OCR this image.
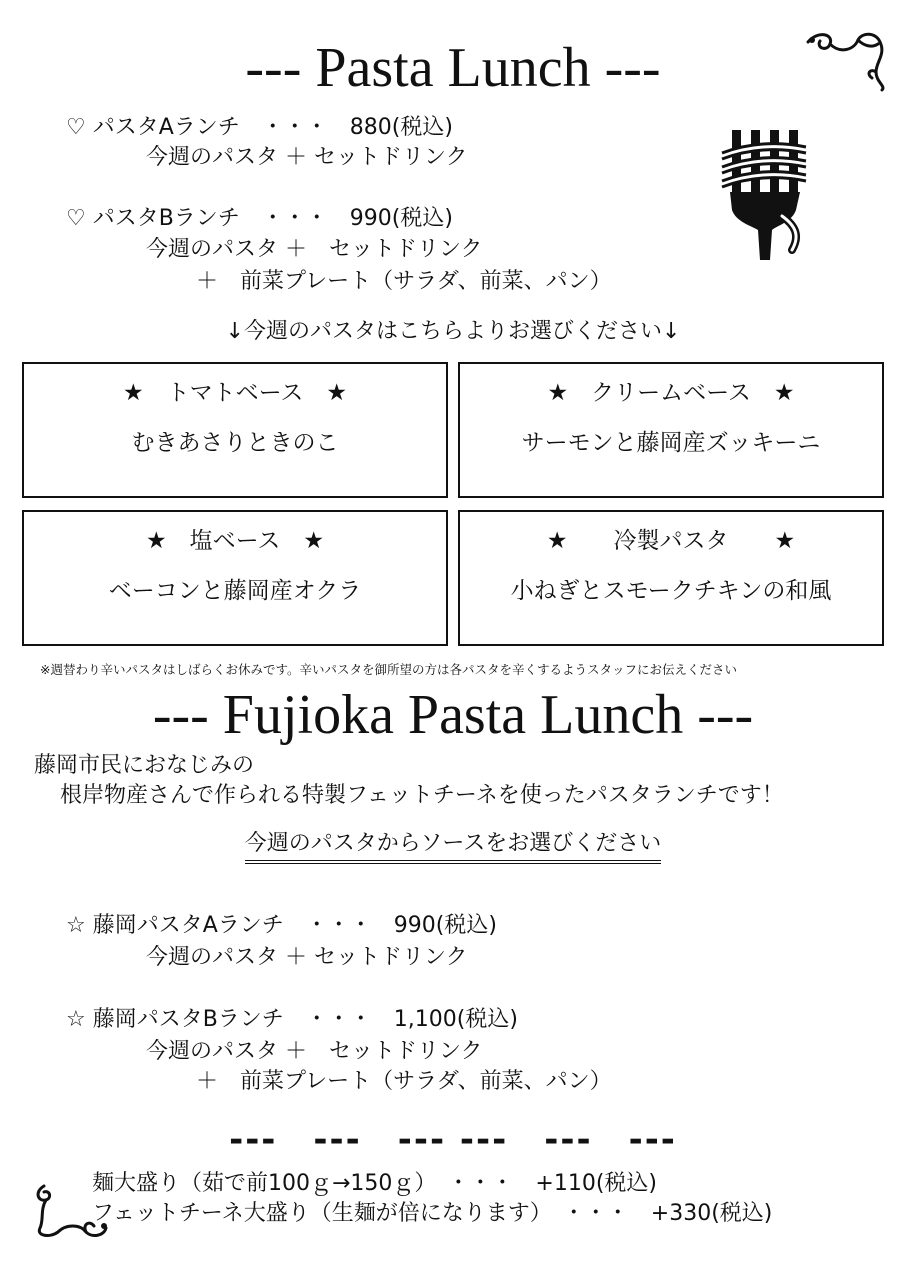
--- Pasta Lunch ---
♡ パスタAランチ　・・・　880(税込)
今週のパスタ ＋ セットドリンク
♡ パスタBランチ　・・・　990(税込)
今週のパスタ ＋　セットドリンク
＋　前菜プレート（サラダ、前菜、パン）
↓今週のパスタはこちらよりお選びください↓
★　トマトベース　★
むきあさりときのこ
★　クリームベース　★
サーモンと藤岡産ズッキーニ
★　塩ベース　★
ベーコンと藤岡産オクラ
★　　冷製パスタ　　★
小ねぎとスモークチキンの和風
※週替わり辛いパスタはしばらくお休みです。辛いパスタを御所望の方は各パスタを辛くするようスタッフにお伝えください
--- Fujioka Pasta Lunch ---
藤岡市民におなじみの
根岸物産さんで作られる特製フェットチーネを使ったパスタランチです！
今週のパスタからソースをお選びください
☆ 藤岡パスタAランチ　・・・　990(税込)
今週のパスタ ＋ セットドリンク
☆ 藤岡パスタBランチ　・・・　1,100(税込)
今週のパスタ ＋　セットドリンク
＋　前菜プレート（サラダ、前菜、パン）
---　---　--- ---　---　---
麺大盛り（茹で前100ｇ→150ｇ）　・・・　+110(税込)
フェットチーネ大盛り（生麺が倍になります）　・・・　+330(税込)
